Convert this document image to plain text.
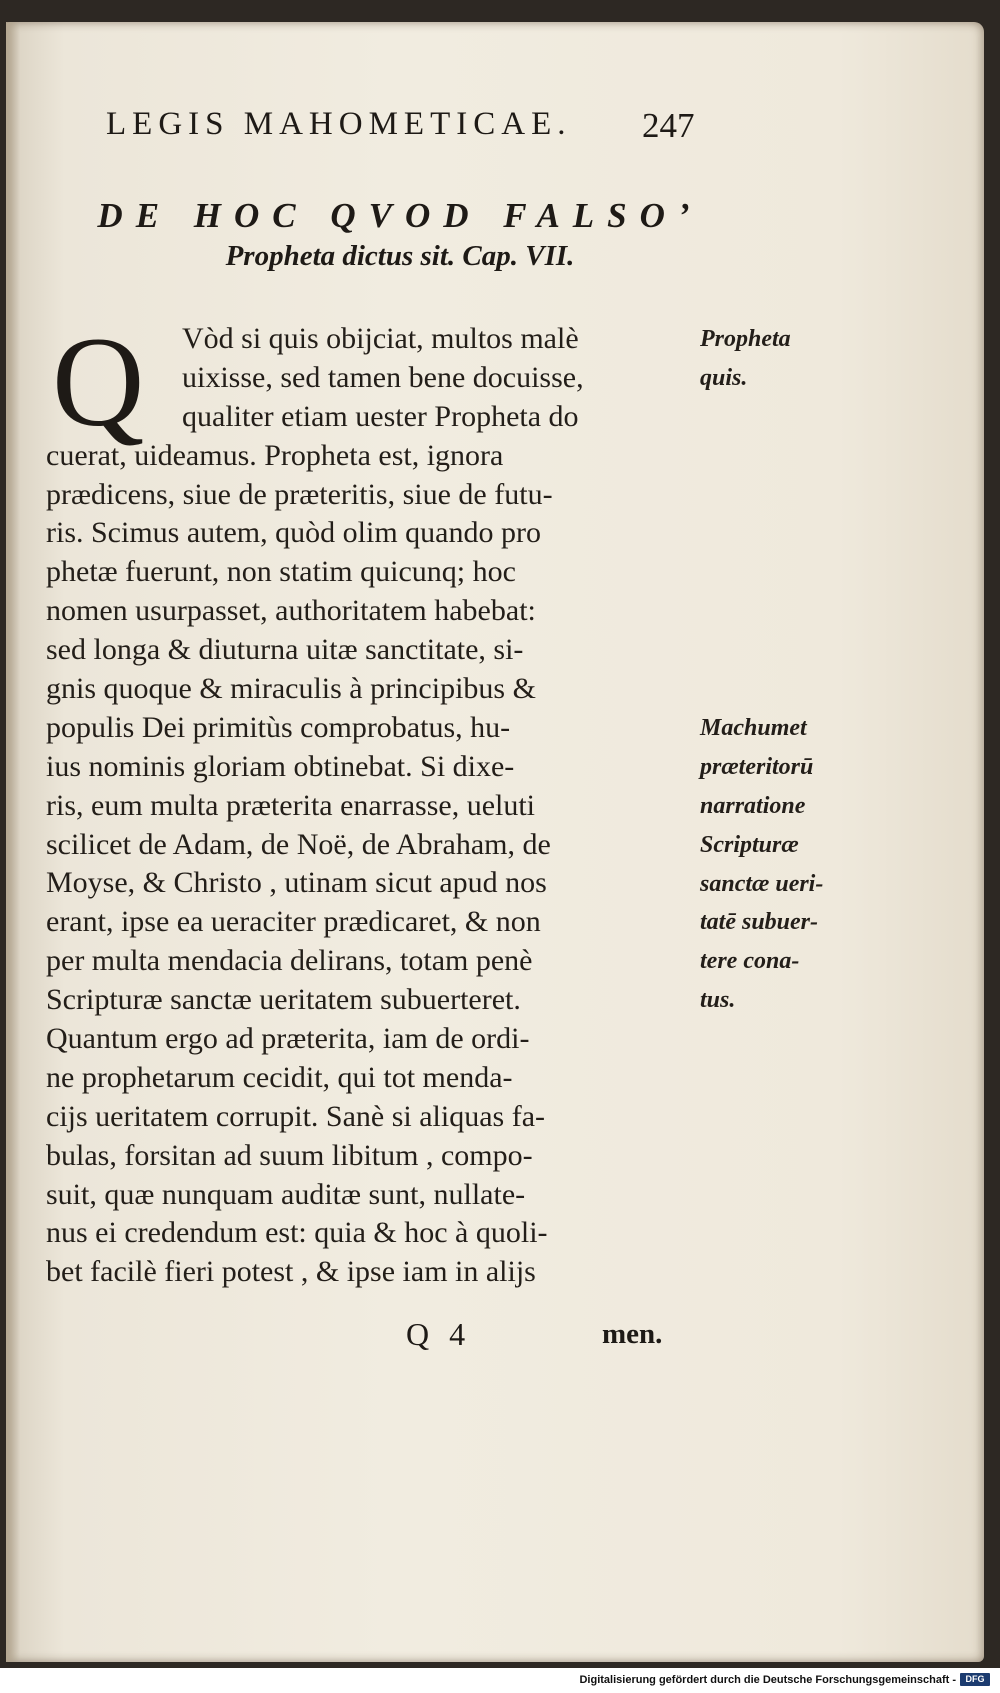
LEGIS MAHOMETICAE.	247
DE HOC QVOD FALSO’
Propheta dictus sit. Cap. VII.
Q	Vòd si quis obijciat, multos malè
uixisse, sed tamen bene docuisse,
qualiter etiam uester Propheta do
cuerat, uideamus. Propheta est, ignora
prædicens, siue de præteritis, siue de futu-
ris. Scimus autem, quòd olim quando pro
phetæ fuerunt, non statim quicunq; hoc
nomen usurpasset, authoritatem habebat:
sed longa & diuturna uitæ sanctitate, si-
gnis quoque & miraculis à principibus &
populis Dei primitùs comprobatus, hu-
ius nominis gloriam obtinebat. Si dixe-
ris, eum multa præterita enarrasse, ueluti
scilicet de Adam, de Noë, de Abraham, de
Moyse, & Christo , utinam sicut apud nos
erant, ipse ea ueraciter prædicaret, & non
per multa mendacia delirans, totam penè
Scripturæ sanctæ ueritatem subuerteret.
Quantum ergo ad præterita, iam de ordi-
ne prophetarum cecidit, qui tot menda-
cijs ueritatem corrupit. Sanè si aliquas fa-
bulas, forsitan ad suum libitum , compo-
suit, quæ nunquam auditæ sunt, nullate-
nus ei credendum est: quia & hoc à quoli-
bet facilè fieri potest , & ipse iam in alijs
Propheta
quis.
Machumet
præteritorū
narratione
Scripturæ
sanctæ ueri-
tatē subuer-
tere cona-
tus.
Q 4	men.
Digitalisierung gefördert durch die Deutsche Forschungsgemeinschaft -	DFG
